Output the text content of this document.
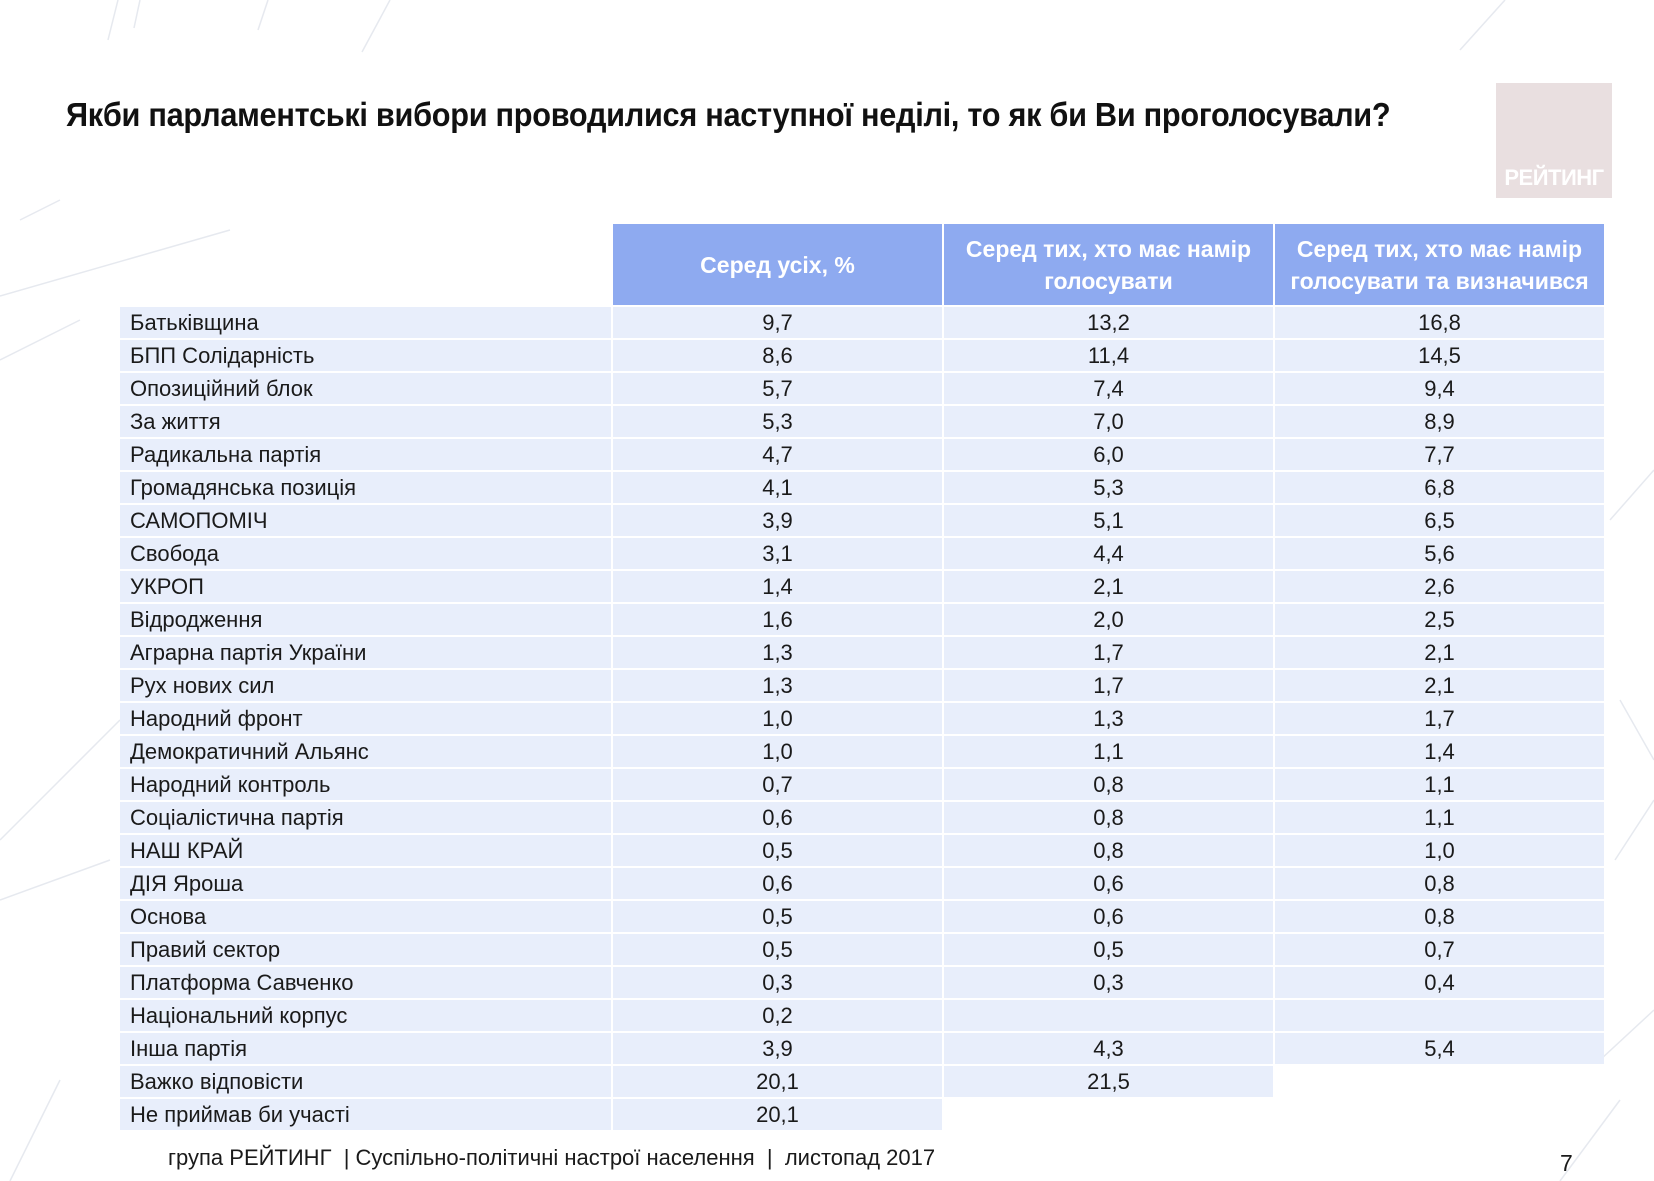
Якби парламентські вибори проводилися наступної неділі, то як би Ви проголосували?
РЕЙТИНГ
Серед усіх, %
Серед тих, хто має намір голосувати
Серед тих, хто має намір голосувати та визначився
Батьківщина	9,7	13,2	16,8
БПП Солідарність	8,6	11,4	14,5
Опозиційний блок	5,7	7,4	9,4
За життя	5,3	7,0	8,9
Радикальна партія	4,7	6,0	7,7
Громадянська позиція	4,1	5,3	6,8
САМОПОМІЧ	3,9	5,1	6,5
Свобода	3,1	4,4	5,6
УКРОП	1,4	2,1	2,6
Відродження	1,6	2,0	2,5
Аграрна партія України	1,3	1,7	2,1
Рух нових сил	1,3	1,7	2,1
Народний фронт	1,0	1,3	1,7
Демократичний Альянс	1,0	1,1	1,4
Народний контроль	0,7	0,8	1,1
Соціалістична партія	0,6	0,8	1,1
НАШ КРАЙ	0,5	0,8	1,0
ДІЯ Яроша	0,6	0,6	0,8
Основа	0,5	0,6	0,8
Правий сектор	0,5	0,5	0,7
Платформа Савченко	0,3	0,3	0,4
Національний корпус	0,2
Інша партія	3,9	4,3	5,4
Важко відповісти	20,1	21,5
Не приймав би участі	20,1
група РЕЙТИНГ  | Суспільно-політичні настрої населення  |  листопад 2017	7
